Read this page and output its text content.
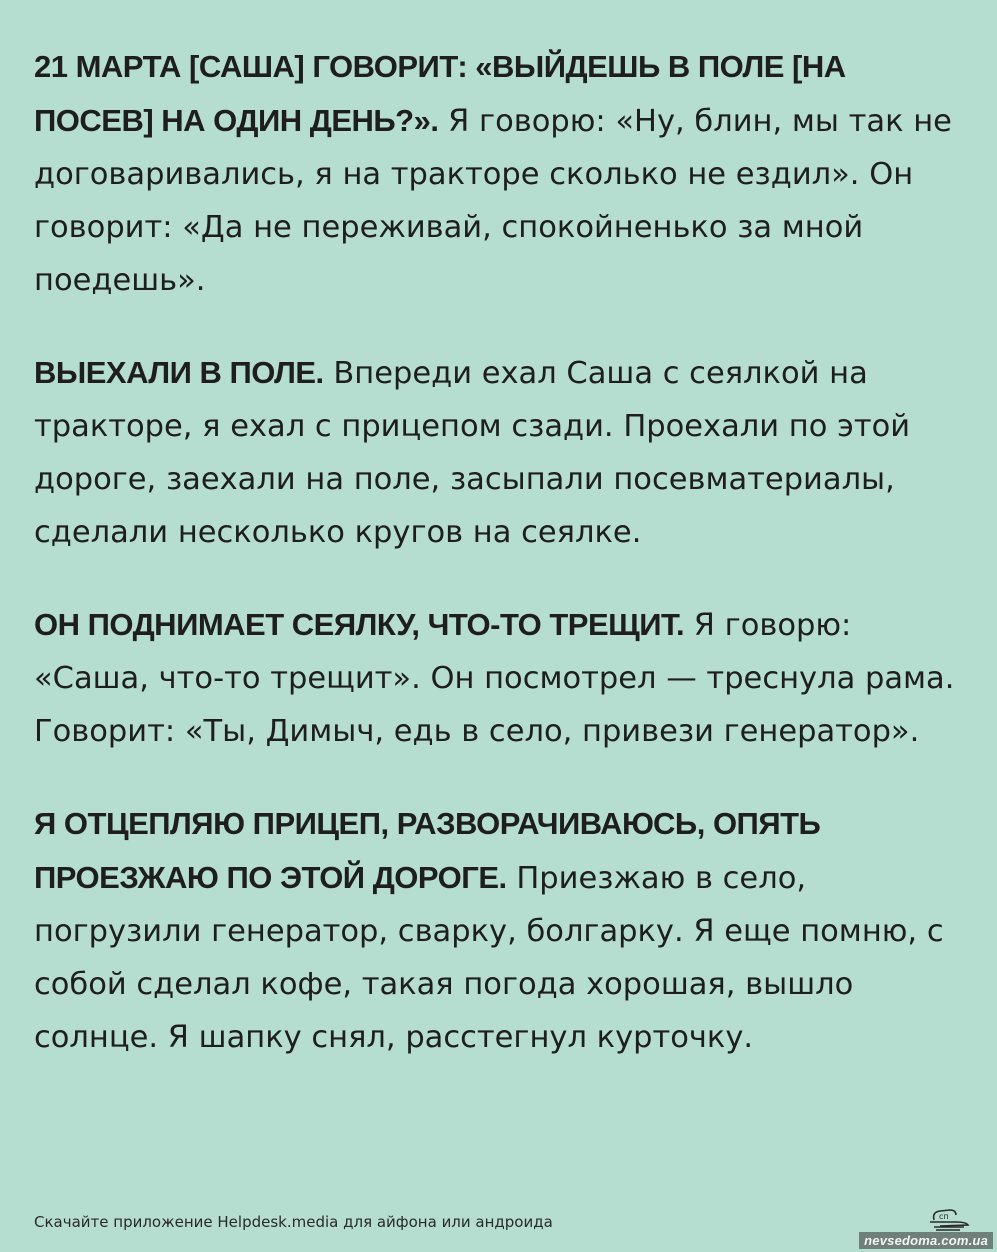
21 МАРТА [САША] ГОВОРИТ: «ВЫЙДЕШЬ В ПОЛЕ [НА ПОСЕВ] НА ОДИН ДЕНЬ?». Я говорю: «Ну, блин, мы так не договаривались, я на тракторе сколько не ездил». Он говорит: «Да не переживай, спокойненько за мной поедешь».

ВЫЕХАЛИ В ПОЛЕ. Впереди ехал Саша с сеялкой на тракторе, я ехал с прицепом сзади. Проехали по этой дороге, заехали на поле, засыпали посевматериалы, сделали несколько кругов на сеялке.

ОН ПОДНИМАЕТ СЕЯЛКУ, ЧТО-ТО ТРЕЩИТ. Я говорю: «Саша, что-то трещит». Он посмотрел — треснула рама. Говорит: «Ты, Димыч, едь в село, привези генератор».

Я ОТЦЕПЛЯЮ ПРИЦЕП, РАЗВОРАЧИВАЮСЬ, ОПЯТЬ ПРОЕЗЖАЮ ПО ЭТОЙ ДОРОГЕ. Приезжаю в село, погрузили генератор, сварку, болгарку. Я еще помню, с собой сделал кофе, такая погода хорошая, вышло солнце. Я шапку снял, расстегнул курточку.

Скачайте приложение Helpdesk.media для айфона или андроида	сп
nevsedoma.com.ua
